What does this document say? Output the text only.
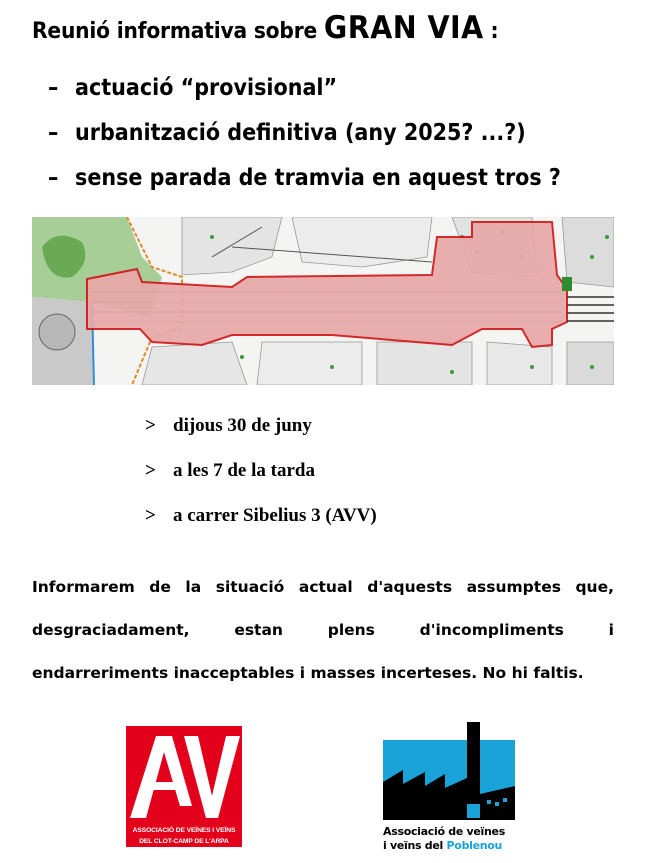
Reunió informativa sobre GRAN VIA :
– actuació “provisional”
– urbanització definitiva (any 2025? ...?)
– sense parada de tramvia en aquest tros ?
> dijous 30 de juny
> a les 7 de la tarda
> a carrer Sibelius 3 (AVV)
Informarem de la situació actual d'aquests assumptes que,
desgraciadament, estan plens d'incompliments i
endarreriments inacceptables i masses incerteses. No hi faltis.
ASSOCIACIÓ DE VEÏNES I VEÏNS
DEL CLOT-CAMP DE L'ARPA
Associació de veïnes
i veïns del Poblenou
